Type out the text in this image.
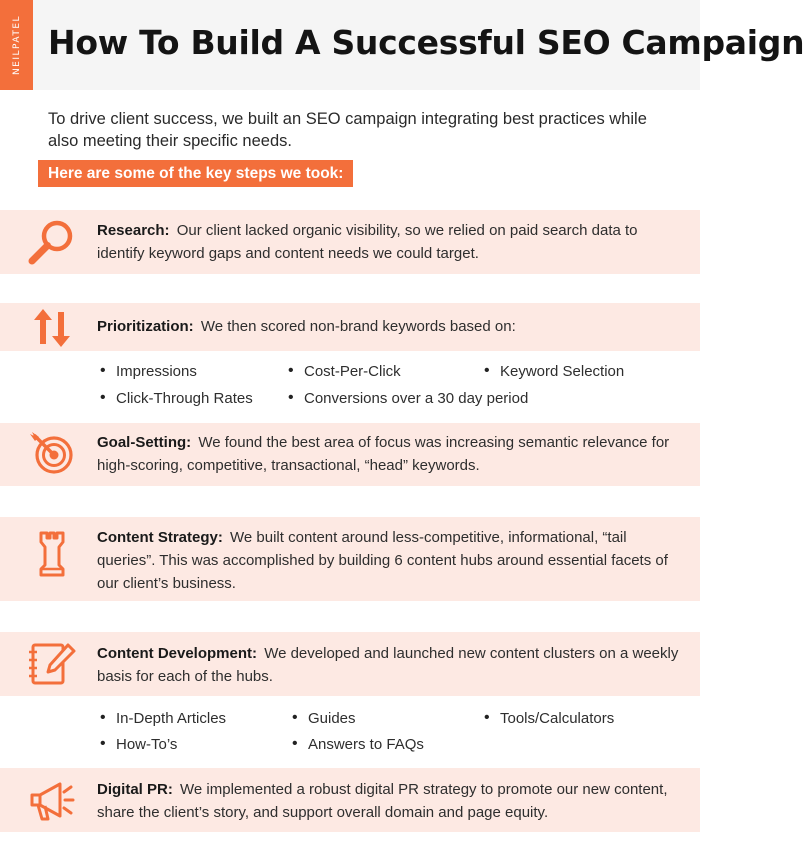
NEILPATEL How To Build A Successful SEO Campaign

To drive client success, we built an SEO campaign integrating best practices while also meeting their specific needs.

Here are some of the key steps we took:
Research: Our client lacked organic visibility, so we relied on paid search data to identify keyword gaps and content needs we could target.
Prioritization: We then scored non-brand keywords based on:
• Impressions	• Cost-Per-Click	• Keyword Selection
• Click-Through Rates	• Conversions over a 30 day period
Goal-Setting: We found the best area of focus was increasing semantic relevance for high-scoring, competitive, transactional, “head” keywords.
Content Strategy: We built content around less-competitive, informational, “tail queries”. This was accomplished by building 6 content hubs around essential facets of our client’s business.
Content Development: We developed and launched new content clusters on a weekly basis for each of the hubs.
• In-Depth Articles	• Guides	• Tools/Calculators
• How-To’s	• Answers to FAQs
Digital PR: We implemented a robust digital PR strategy to promote our new content, share the client’s story, and support overall domain and page equity.
